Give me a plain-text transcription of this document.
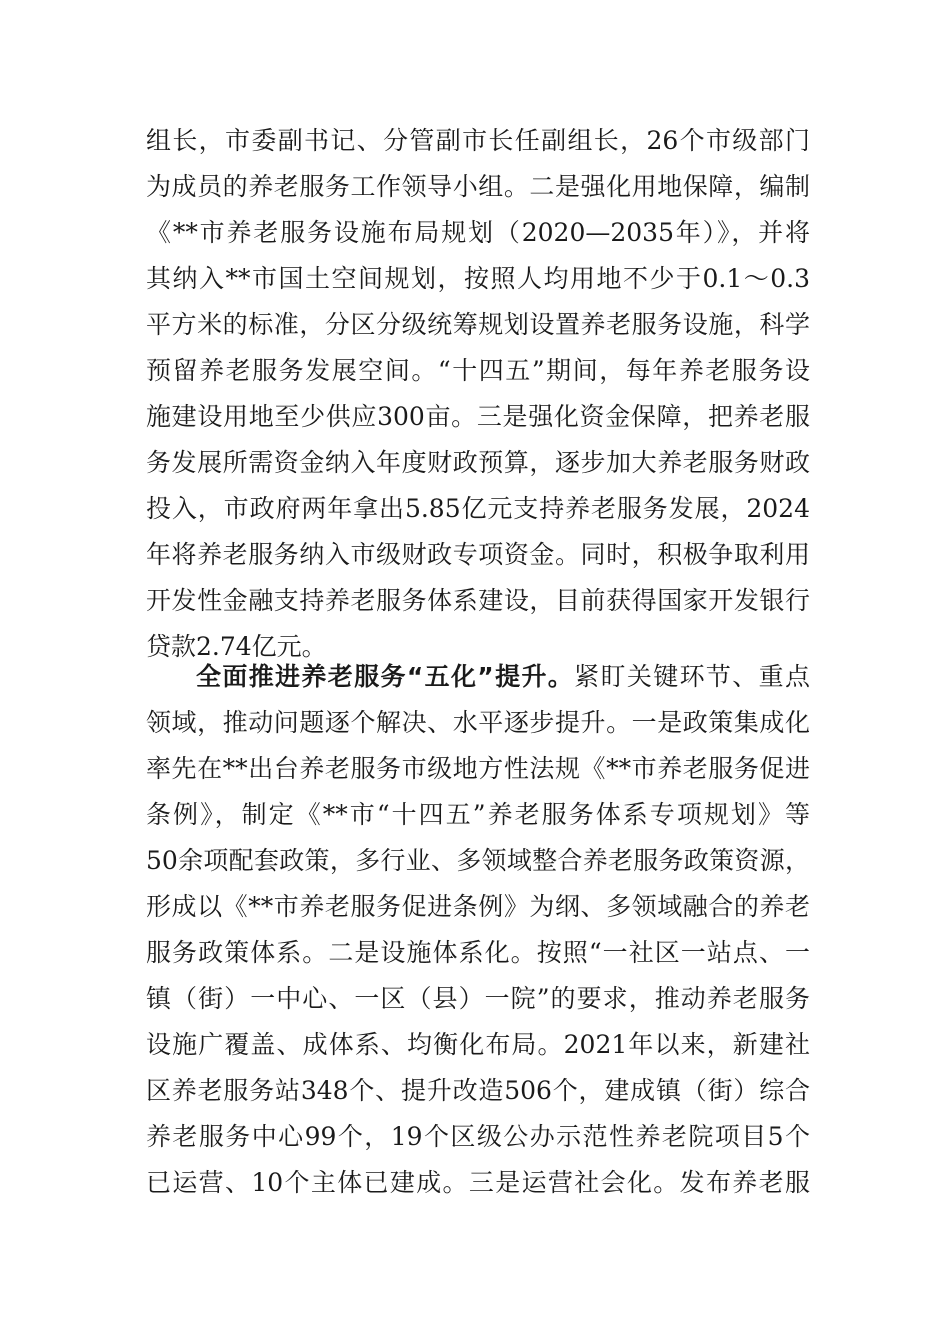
组长，市委副书记、分管副市长任副组长，26个市级部门
为成员的养老服务工作领导小组。二是强化用地保障，编制
《**市养老服务设施布局规划（2020—2035年）》，并将
其纳入**市国土空间规划，按照人均用地不少于0.1～0.3
平方米的标准，分区分级统筹规划设置养老服务设施，科学
预留养老服务发展空间。“十四五”期间，每年养老服务设
施建设用地至少供应300亩。三是强化资金保障，把养老服
务发展所需资金纳入年度财政预算，逐步加大养老服务财政
投入，市政府两年拿出5.85亿元支持养老服务发展，2024
年将养老服务纳入市级财政专项资金。同时，积极争取利用
开发性金融支持养老服务体系建设，目前获得国家开发银行
贷款2.74亿元。
全面推进养老服务“五化”提升。紧盯关键环节、重点
领域，推动问题逐个解决、水平逐步提升。一是政策集成化
率先在**出台养老服务市级地方性法规《**市养老服务促进
条例》，制定《**市“十四五”养老服务体系专项规划》等
50余项配套政策，多行业、多领域整合养老服务政策资源，
形成以《**市养老服务促进条例》为纲、多领域融合的养老
服务政策体系。二是设施体系化。按照“一社区一站点、一
镇（街）一中心、一区（县）一院”的要求，推动养老服务
设施广覆盖、成体系、均衡化布局。2021年以来，新建社
区养老服务站348个、提升改造506个，建成镇（街）综合
养老服务中心99个，19个区级公办示范性养老院项目5个
已运营、10个主体已建成。三是运营社会化。发布养老服
